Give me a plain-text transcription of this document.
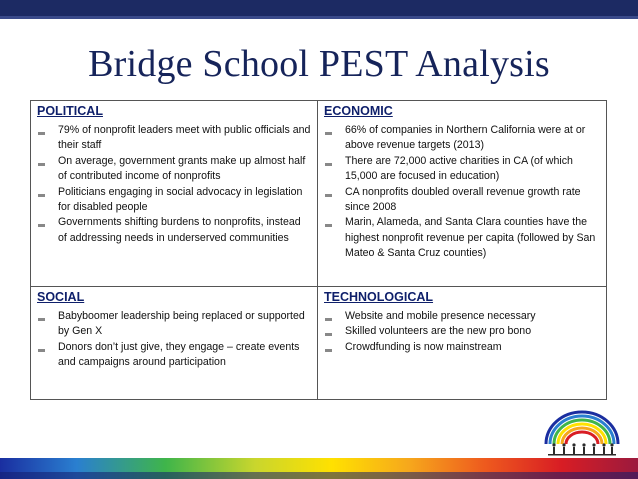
Bridge School PEST Analysis
POLITICAL
79% of nonprofit leaders meet with public officials and their staff
On average, government grants make up almost half of contributed income of nonprofits
Politicians engaging in social advocacy in legislation for disabled people
Governments shifting burdens to nonprofits, instead of addressing needs in underserved communities
ECONOMIC
66% of companies in Northern California were at or above revenue targets (2013)
There are 72,000 active charities in CA (of which 15,000 are focused in education)
CA nonprofits doubled overall revenue growth rate since 2008
Marin, Alameda, and Santa Clara counties have the highest nonprofit revenue per capita (followed by San Mateo & Santa Cruz counties)
SOCIAL
Babyboomer leadership being replaced or supported by Gen X
Donors don’t just give, they engage – create events and campaigns around participation
TECHNOLOGICAL
Website and mobile presence necessary
Skilled volunteers are the new pro bono
Crowdfunding is now mainstream
